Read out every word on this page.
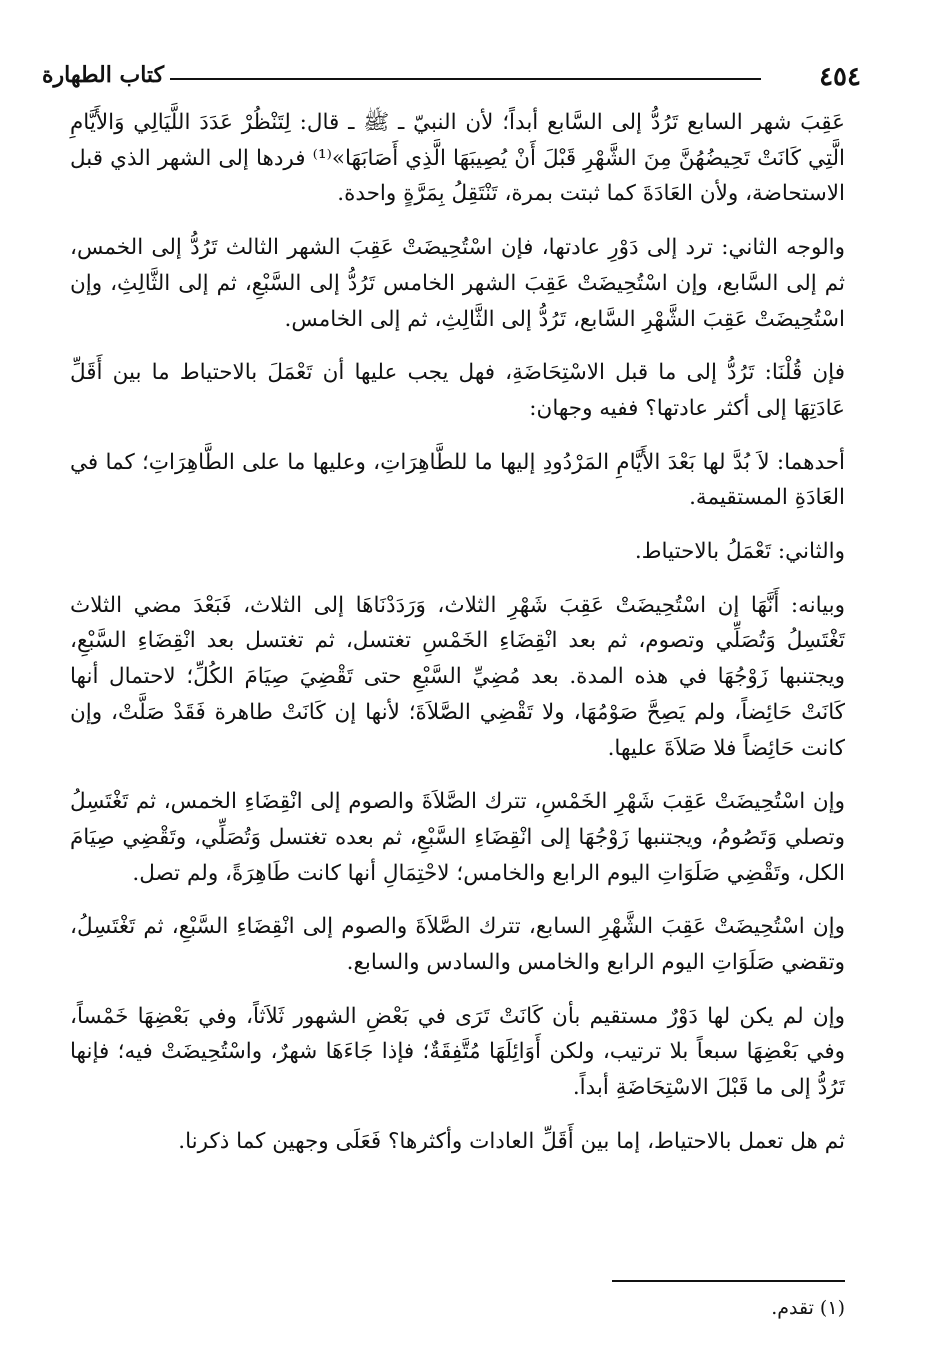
٤٥٤
كتاب الطهارة

عَقِبَ شهر السابع تَرُدُّ إلى السَّابع أبداً؛ لأن النبيّ ـ ﷺ ـ قال: لِتَنْظُرْ عَدَدَ اللَّيَالِي وَالأَيَّامِ الَّتِي كَانَتْ تَحِيضُهُنَّ مِنَ الشَّهْرِ قَبْلَ أَنْ يُصِيبَهَا الَّذِي أَصَابَهَا»⁽¹⁾ فردها إلى الشهر الذي قبل الاستحاضة، ولأن العَادَةَ كما ثبتت بمرة، تَنْتَقِلُ بِمَرَّةٍ واحدة.

والوجه الثاني: ترد إلى دَوْرِ عادتها، فإن اسْتُحِيضَتْ عَقِبَ الشهر الثالث تَرُدُّ إلى الخمس، ثم إلى السَّابع، وإن اسْتُحِيضَتْ عَقِبَ الشهر الخامس تَرُدُّ إلى السَّبْعِ، ثم إلى الثَّالِثِ، وإن اسْتُحِيضَتْ عَقِبَ الشَّهْرِ السَّابع، تَرُدُّ إلى الثَّالِثِ، ثم إلى الخامس.

فإن قُلْنَا: تَرُدُّ إلى ما قبل الاسْتِحَاضَةِ، فهل يجب عليها أن تَعْمَلَ بالاحتياط ما بين أَقَلِّ عَادَتِهَا إلى أكثر عادتها؟ ففيه وجهان:

أحدهما: لاَ بُدَّ لها بَعْدَ الأَيَّامِ المَرْدُودِ إليها ما للطَّاهِرَاتِ، وعليها ما على الطَّاهِرَاتِ؛ كما في العَادَةِ المستقيمة.

والثاني: تَعْمَلُ بالاحتياط.

وبيانه: أَنَّهَا إن اسْتُحِيضَتْ عَقِبَ شَهْرِ الثلاث، وَرَدَدْنَاهَا إلى الثلاث، فَبَعْدَ مضي الثلاث تَغْتَسِلُ وَتُصَلِّي وتصوم، ثم بعد انْقِضَاءِ الخَمْسِ تغتسل، ثم تغتسل بعد انْقِضَاءِ السَّبْعِ، ويجتنبها زَوْجُهَا في هذه المدة. بعد مُضِيِّ السَّبْعِ حتى تَقْضِيَ صِيَامَ الكُلِّ؛ لاحتمال أنها كَانَتْ حَائِضاً، ولم يَصِحَّ صَوْمُهَا، ولا تَقْضِي الصَّلاَةَ؛ لأنها إن كَانَتْ طاهرة فَقَدْ صَلَّتْ، وإن كانت حَائِضاً فلا صَلاَةَ عليها.

وإن اسْتُحِيضَتْ عَقِبَ شَهْرِ الخَمْسِ، تترك الصَّلاَةَ والصوم إلى انْقِضَاءِ الخمس، ثم تَغْتَسِلُ وتصلي وَتَصُومُ، ويجتنبها زَوْجُهَا إلى انْقِضَاءِ السَّبْعِ، ثم بعده تغتسل وَتُصَلِّي، وتَقْضِي صِيَامَ الكل، وتَقْضِي صَلَوَاتِ اليوم الرابع والخامس؛ لاحْتِمَالِ أنها كانت طَاهِرَةً، ولم تصل.

وإن اسْتُحِيضَتْ عَقِبَ الشَّهْرِ السابع، تترك الصَّلاَةَ والصوم إلى انْقِضَاءِ السَّبْعِ، ثم تَغْتَسِلُ، وتقضي صَلَوَاتِ اليوم الرابع والخامس والسادس والسابع.

وإن لم يكن لها دَوْرٌ مستقيم بأن كَانَتْ تَرَى في بَعْضِ الشهور ثَلاَثاً، وفي بَعْضِهَا خَمْساً، وفي بَعْضِهَا سبعاً بلا ترتيب، ولكن أَوَائِلَهَا مُتَّفِقَةٌ؛ فإذا جَاءَهَا شهرٌ، واسْتُحِيضَتْ فيه؛ فإنها تَرُدُّ إلى ما قَبْلَ الاسْتِحَاضَةِ أبداً.

ثم هل تعمل بالاحتياط، إما بين أَقَلِّ العادات وأكثرها؟ فَعَلَى وجهين كما ذكرنا.

(١) تقدم.
